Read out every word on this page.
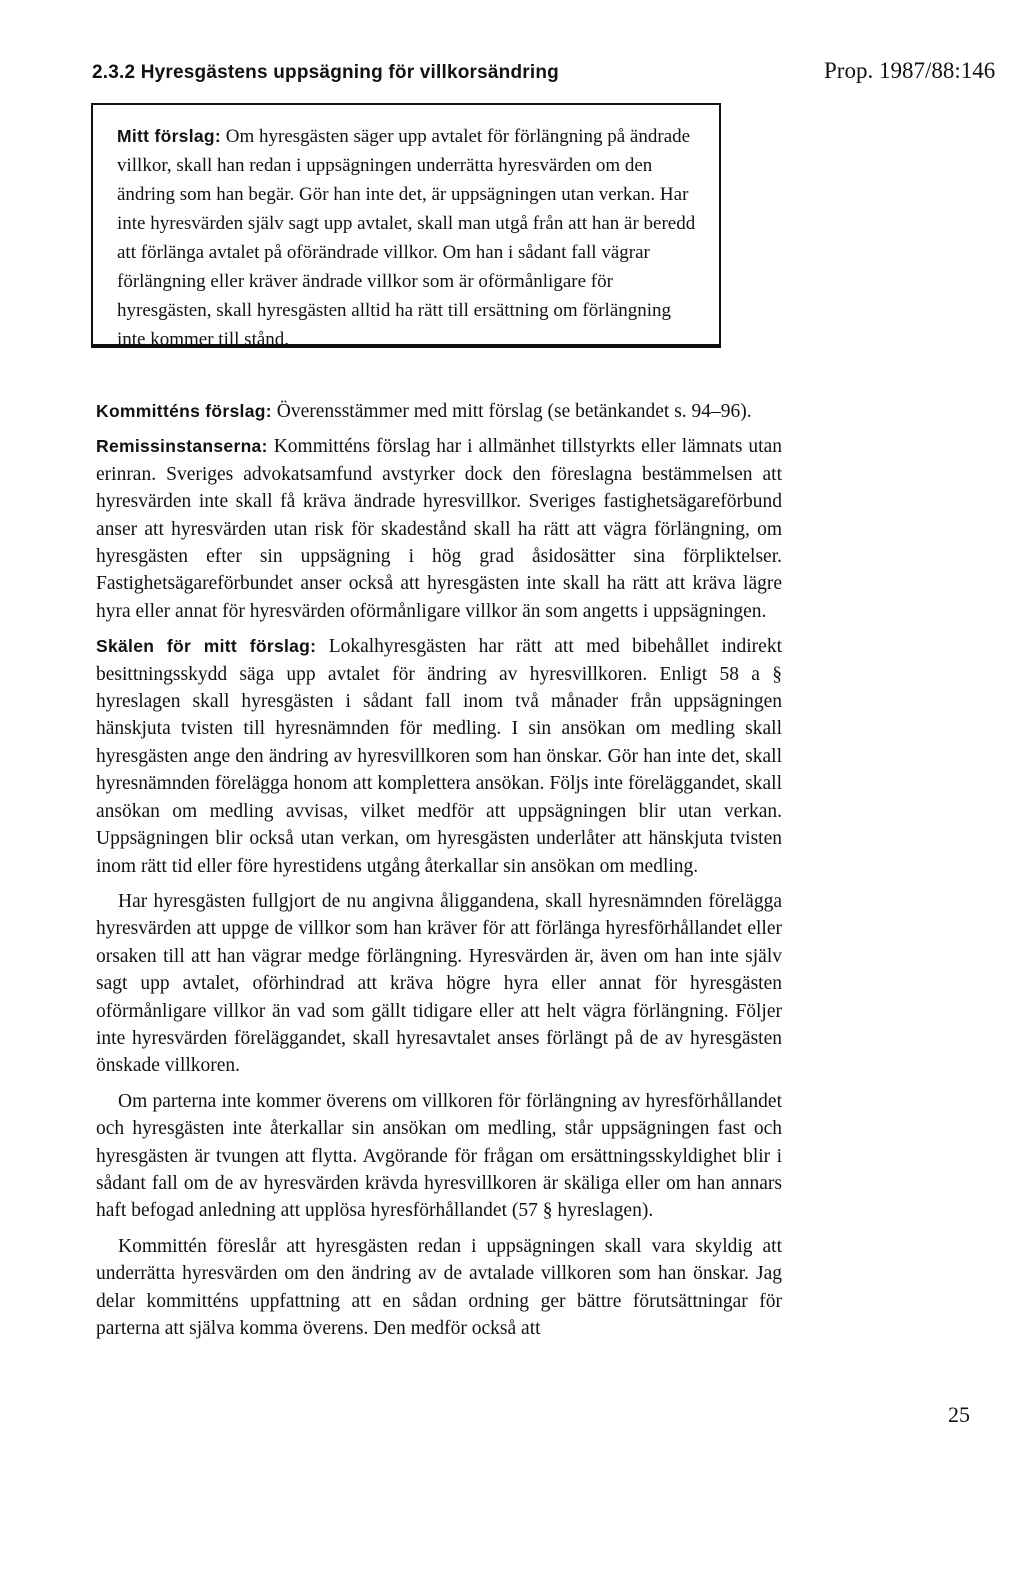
2.3.2 Hyresgästens uppsägning för villkorsändring	Prop. 1987/88:146

Mitt förslag: Om hyresgästen säger upp avtalet för förlängning på ändrade villkor, skall han redan i uppsägningen underrätta hyresvärden om den ändring som han begär. Gör han inte det, är uppsägningen utan verkan. Har inte hyresvärden själv sagt upp avtalet, skall man utgå från att han är beredd att förlänga avtalet på oförändrade villkor. Om han i sådant fall vägrar förlängning eller kräver ändrade villkor som är oförmånligare för hyresgästen, skall hyresgästen alltid ha rätt till ersättning om förlängning inte kommer till stånd.

Kommitténs förslag: Överensstämmer med mitt förslag (se betänkandet s. 94–96).

Remissinstanserna: Kommitténs förslag har i allmänhet tillstyrkts eller lämnats utan erinran. Sveriges advokatsamfund avstyrker dock den föreslagna bestämmelsen att hyresvärden inte skall få kräva ändrade hyresvillkor. Sveriges fastighetsägareförbund anser att hyresvärden utan risk för skadestånd skall ha rätt att vägra förlängning, om hyresgästen efter sin uppsägning i hög grad åsidosätter sina förpliktelser. Fastighetsägareförbundet anser också att hyresgästen inte skall ha rätt att kräva lägre hyra eller annat för hyresvärden oförmånligare villkor än som angetts i uppsägningen.

Skälen för mitt förslag: Lokalhyresgästen har rätt att med bibehållet indirekt besittningsskydd säga upp avtalet för ändring av hyresvillkoren. Enligt 58 a § hyreslagen skall hyresgästen i sådant fall inom två månader från uppsägningen hänskjuta tvisten till hyresnämnden för medling. I sin ansökan om medling skall hyresgästen ange den ändring av hyresvillkoren som han önskar. Gör han inte det, skall hyresnämnden förelägga honom att komplettera ansökan. Följs inte föreläggandet, skall ansökan om medling avvisas, vilket medför att uppsägningen blir utan verkan. Uppsägningen blir också utan verkan, om hyresgästen underlåter att hänskjuta tvisten inom rätt tid eller före hyrestidens utgång återkallar sin ansökan om medling.

Har hyresgästen fullgjort de nu angivna åliggandena, skall hyresnämnden förelägga hyresvärden att uppge de villkor som han kräver för att förlänga hyresförhållandet eller orsaken till att han vägrar medge förlängning. Hyresvärden är, även om han inte själv sagt upp avtalet, oförhindrad att kräva högre hyra eller annat för hyresgästen oförmånligare villkor än vad som gällt tidigare eller att helt vägra förlängning. Följer inte hyresvärden föreläggandet, skall hyresavtalet anses förlängt på de av hyresgästen önskade villkoren.

Om parterna inte kommer överens om villkoren för förlängning av hyresförhållandet och hyresgästen inte återkallar sin ansökan om medling, står uppsägningen fast och hyresgästen är tvungen att flytta. Avgörande för frågan om ersättningsskyldighet blir i sådant fall om de av hyresvärden krävda hyresvillkoren är skäliga eller om han annars haft befogad anledning att upplösa hyresförhållandet (57 § hyreslagen).

Kommittén föreslår att hyresgästen redan i uppsägningen skall vara skyldig att underrätta hyresvärden om den ändring av de avtalade villkoren som han önskar. Jag delar kommitténs uppfattning att en sådan ordning ger bättre förutsättningar för parterna att själva komma överens. Den medför också att

25
